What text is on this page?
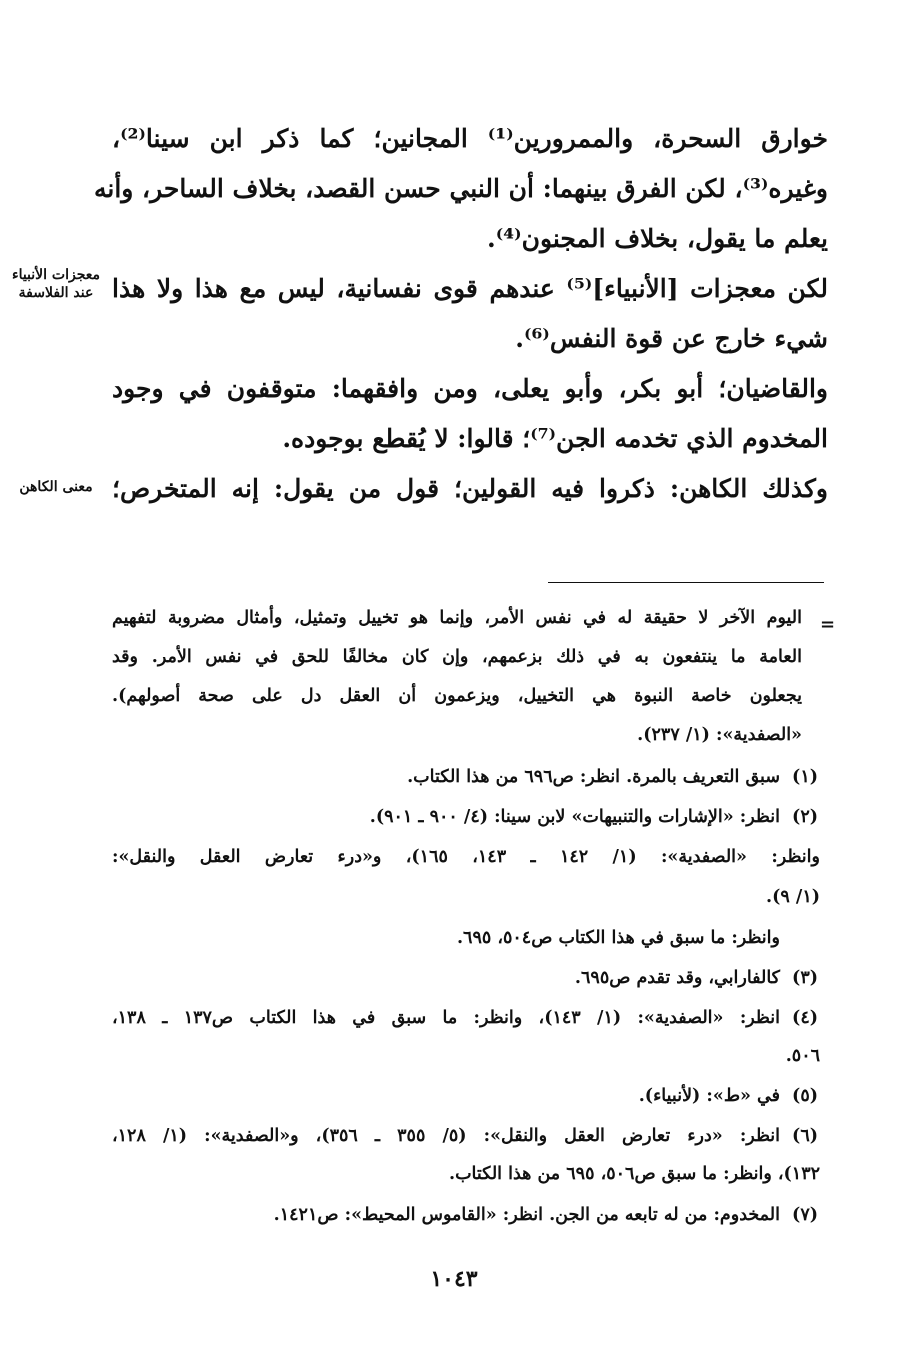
خوارق السحرة، والممرورين⁽¹⁾ المجانين؛ كما ذكر ابن سينا⁽²⁾،
وغيره⁽³⁾، لكن الفرق بينهما: أن النبي حسن القصد، بخلاف الساحر، وأنه
يعلم ما يقول، بخلاف المجنون⁽⁴⁾.
لكن معجزات [الأنبياء]⁽⁵⁾ عندهم قوى نفسانية، ليس مع هذا ولا هذا
شيء خارج عن قوة النفس⁽⁶⁾.
والقاضيان؛ أبو بكر، وأبو يعلى، ومن وافقهما: متوقفون في وجود
المخدوم الذي تخدمه الجن⁽⁷⁾؛ قالوا: لا يُقطع بوجوده.
وكذلك الكاهن: ذكروا فيه القولين؛ قول من يقول: إنه المتخرص؛
معجزات الأنبياء
عند الفلاسفة
معنى الكاهن
=
اليوم الآخر لا حقيقة له في نفس الأمر، وإنما هو تخييل وتمثيل، وأمثال مضروبة لتفهيم
العامة ما ينتفعون به في ذلك بزعمهم، وإن كان مخالفًا للحق في نفس الأمر. وقد
يجعلون خاصة النبوة هي التخييل، ويزعمون أن العقل دل على صحة أصولهم).
«الصفدية»: (١/ ٢٣٧).
(١)
سبق التعريف بالمرة. انظر: ص٦٩٦ من هذا الكتاب.
(٢)
انظر: «الإشارات والتنبيهات» لابن سينا: (٤/ ٩٠٠ ـ ٩٠١).
وانظر: «الصفدية»: (١/ ١٤٢ ـ ١٤٣، ١٦٥)، و«درء تعارض العقل والنقل»:
(١/ ٩).
وانظر: ما سبق في هذا الكتاب ص٥٠٤، ٦٩٥.
(٣)
كالفارابي، وقد تقدم ص٦٩٥.
(٤)
انظر: «الصفدية»: (١/ ١٤٣)، وانظر: ما سبق في هذا الكتاب ص١٣٧ ـ ١٣٨،
٥٠٦.
(٥)
في «ط»: (لأنبياء).
(٦)
انظر: «درء تعارض العقل والنقل»: (٥/ ٣٥٥ ـ ٣٥٦)، و«الصفدية»: (١/ ١٢٨،
١٣٢)، وانظر: ما سبق ص٥٠٦، ٦٩٥ من هذا الكتاب.
(٧)
المخدوم: من له تابعه من الجن. انظر: «القاموس المحيط»: ص١٤٢١.
١٠٤٣
